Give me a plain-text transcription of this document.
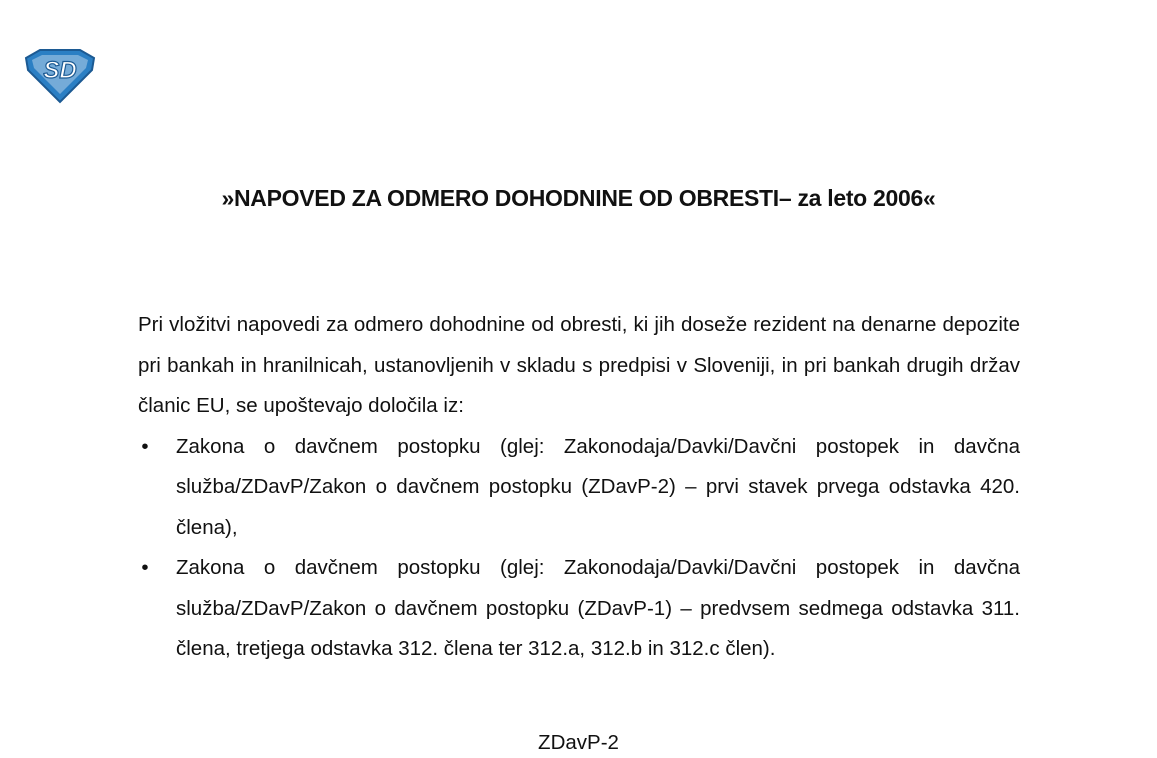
SD
»NAPOVED ZA ODMERO DOHODNINE OD OBRESTI– za leto 2006«

Pri vložitvi napovedi za odmero dohodnine od obresti, ki jih doseže rezident na denarne depozite pri bankah in hranilnicah, ustanovljenih v skladu s predpisi v Sloveniji, in pri bankah drugih držav članic EU, se upoštevajo določila iz:

• Zakona o davčnem postopku (glej: Zakonodaja/Davki/Davčni postopek in davčna služba/ZDavP/Zakon o davčnem postopku (ZDavP-2) – prvi stavek prvega odstavka 420. člena),
• Zakona o davčnem postopku (glej: Zakonodaja/Davki/Davčni postopek in davčna služba/ZDavP/Zakon o davčnem postopku (ZDavP-1) – predvsem sedmega odstavka 311. člena, tretjega odstavka 312. člena ter 312.a, 312.b in 312.c člen).
ZDavP-2
